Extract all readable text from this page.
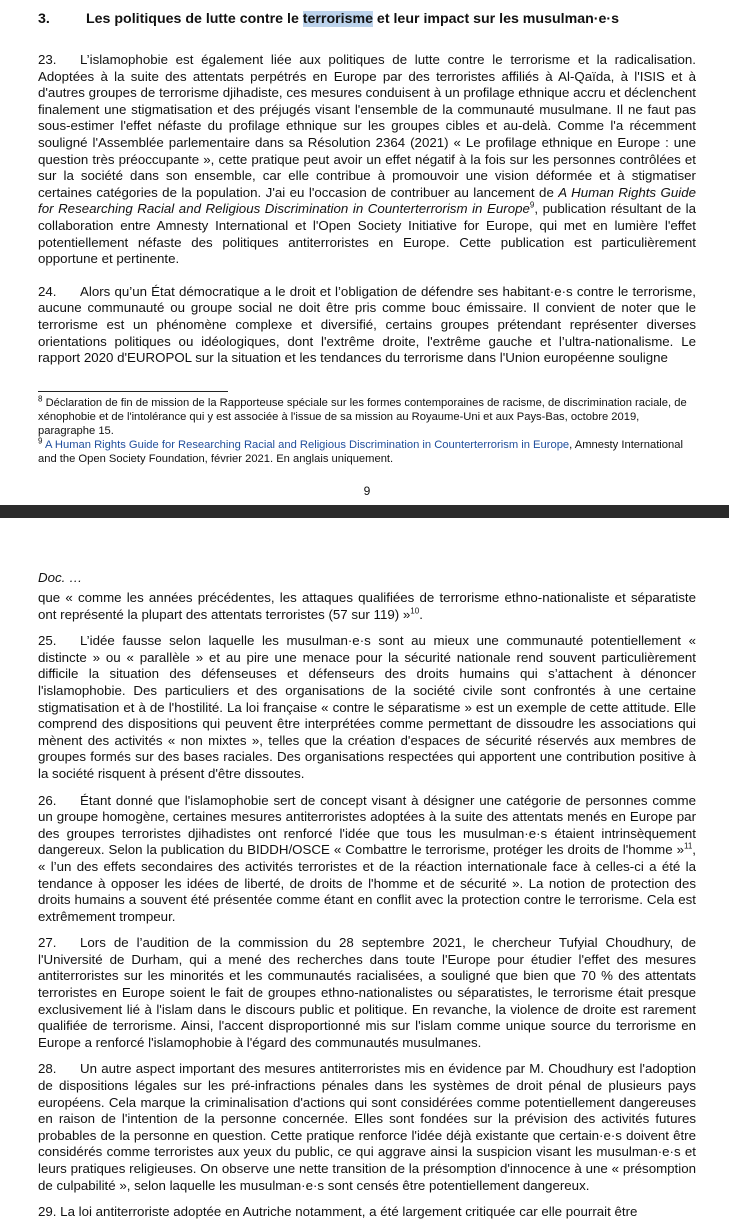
3.	Les politiques de lutte contre le terrorisme et leur impact sur les musulman·e·s

23. L’islamophobie est également liée aux politiques de lutte contre le terrorisme et la radicalisation. Adoptées à la suite des attentats perpétrés en Europe par des terroristes affiliés à Al-Qaïda, à l'ISIS et à d'autres groupes de terrorisme djihadiste, ces mesures conduisent à un profilage ethnique accru et déclenchent finalement une stigmatisation et des préjugés visant l'ensemble de la communauté musulmane. Il ne faut pas sous-estimer l'effet néfaste du profilage ethnique sur les groupes cibles et au-delà. Comme l'a récemment souligné l'Assemblée parlementaire dans sa Résolution 2364 (2021) « Le profilage ethnique en Europe : une question très préoccupante », cette pratique peut avoir un effet négatif à la fois sur les personnes contrôlées et sur la société dans son ensemble, car elle contribue à promouvoir une vision déformée et à stigmatiser certaines catégories de la population. J'ai eu l'occasion de contribuer au lancement de A Human Rights Guide for Researching Racial and Religious Discrimination in Counterterrorism in Europe$^9$, publication résultant de la collaboration entre Amnesty International et l'Open Society Initiative for Europe, qui met en lumière l'effet potentiellement néfaste des politiques antiterroristes en Europe. Cette publication est particulièrement opportune et pertinente.

24. Alors qu’un État démocratique a le droit et l’obligation de défendre ses habitant·e·s contre le terrorisme, aucune communauté ou groupe social ne doit être pris comme bouc émissaire. Il convient de noter que le terrorisme est un phénomène complexe et diversifié, certains groupes prétendant représenter diverses orientations politiques ou idéologiques, dont l'extrême droite, l'extrême gauche et l’ultra-nationalisme. Le rapport 2020 d'EUROPOL sur la situation et les tendances du terrorisme dans l'Union européenne souligne

$^8$ Déclaration de fin de mission de la Rapporteuse spéciale sur les formes contemporaines de racisme, de discrimination raciale, de xénophobie et de l'intolérance qui y est associée à l'issue de sa mission au Royaume-Uni et aux Pays-Bas, octobre 2019, paragraphe 15.

$^9$ A Human Rights Guide for Researching Racial and Religious Discrimination in Counterterrorism in Europe, Amnesty International and the Open Society Foundation, février 2021. En anglais uniquement.

9
Doc. …

que « comme les années précédentes, les attaques qualifiées de terrorisme ethno-nationaliste et séparatiste ont représenté la plupart des attentats terroristes (57 sur 119) »$^{10}$.

25. L’idée fausse selon laquelle les musulman·e·s sont au mieux une communauté potentiellement « distincte » ou « parallèle » et au pire une menace pour la sécurité nationale rend souvent particulièrement difficile la situation des défenseuses et défenseurs des droits humains qui s’attachent à dénoncer l'islamophobie. Des particuliers et des organisations de la société civile sont confrontés à une certaine stigmatisation et à de l'hostilité. La loi française « contre le séparatisme » est un exemple de cette attitude. Elle comprend des dispositions qui peuvent être interprétées comme permettant de dissoudre les associations qui mènent des activités « non mixtes », telles que la création d'espaces de sécurité réservés aux membres de groupes formés sur des bases raciales. Des organisations respectées qui apportent une contribution positive à la société risquent à présent d'être dissoutes.

26. Étant donné que l'islamophobie sert de concept visant à désigner une catégorie de personnes comme un groupe homogène, certaines mesures antiterroristes adoptées à la suite des attentats menés en Europe par des groupes terroristes djihadistes ont renforcé l'idée que tous les musulman·e·s étaient intrinsèquement dangereux. Selon la publication du BIDDH/OSCE « Combattre le terrorisme, protéger les droits de l'homme »$^{11}$, « l’un des effets secondaires des activités terroristes et de la réaction internationale face à celles-ci a été la tendance à opposer les idées de liberté, de droits de l'homme et de sécurité ». La notion de protection des droits humains a souvent été présentée comme étant en conflit avec la protection contre le terrorisme. Cela est extrêmement trompeur.

27. Lors de l’audition de la commission du 28 septembre 2021, le chercheur Tufyial Choudhury, de l'Université de Durham, qui a mené des recherches dans toute l'Europe pour étudier l'effet des mesures antiterroristes sur les minorités et les communautés racialisées, a souligné que bien que 70 % des attentats terroristes en Europe soient le fait de groupes ethno-nationalistes ou séparatistes, le terrorisme était presque exclusivement lié à l'islam dans le discours public et politique. En revanche, la violence de droite est rarement qualifiée de terrorisme. Ainsi, l'accent disproportionné mis sur l'islam comme unique source du terrorisme en Europe a renforcé l'islamophobie à l'égard des communautés musulmanes.

28. Un autre aspect important des mesures antiterroristes mis en évidence par M. Choudhury est l'adoption de dispositions légales sur les pré-infractions pénales dans les systèmes de droit pénal de plusieurs pays européens. Cela marque la criminalisation d'actions qui sont considérées comme potentiellement dangereuses en raison de l'intention de la personne concernée. Elles sont fondées sur la prévision des activités futures probables de la personne en question. Cette pratique renforce l'idée déjà existante que certain·e·s doivent être considérés comme terroristes aux yeux du public, ce qui aggrave ainsi la suspicion visant les musulman·e·s et leurs pratiques religieuses. On observe une nette transition de la présomption d'innocence à une « présomption de culpabilité », selon laquelle les musulman·e·s sont censés être potentiellement dangereux.

29. La loi antiterroriste adoptée en Autriche notamment, a été largement critiquée car elle pourrait être
